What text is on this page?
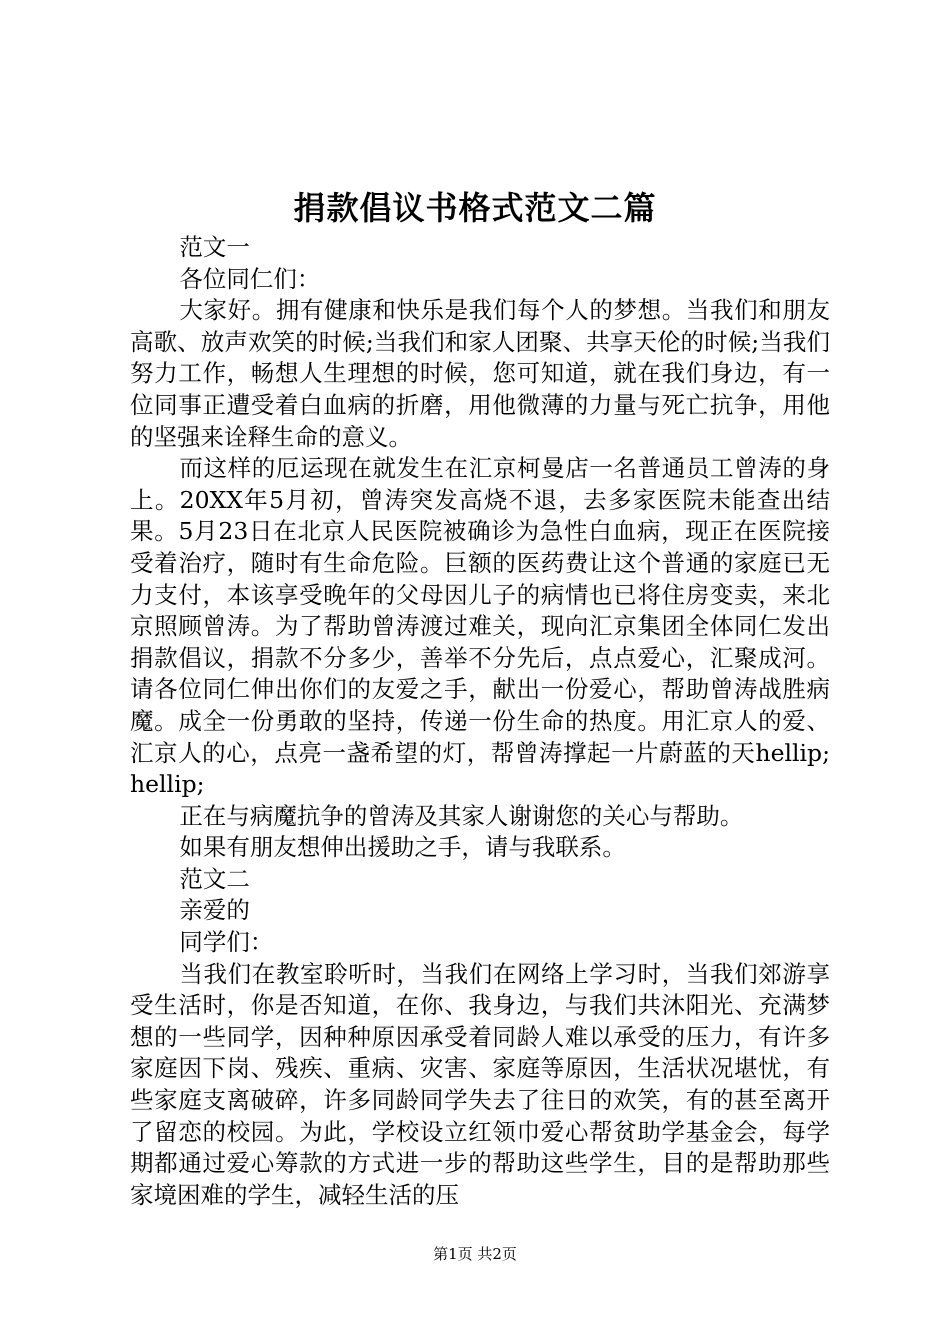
捐款倡议书格式范文二篇

范文一

各位同仁们：

大家好。拥有健康和快乐是我们每个人的梦想。当我们和朋友高歌、放声欢笑的时候;当我们和家人团聚、共享天伦的时候;当我们努力工作，畅想人生理想的时候，您可知道，就在我们身边，有一位同事正遭受着白血病的折磨，用他微薄的力量与死亡抗争，用他的坚强来诠释生命的意义。

而这样的厄运现在就发生在汇京柯曼店一名普通员工曾涛的身上。20XX年5月初，曾涛突发高烧不退，去多家医院未能查出结果。5月23日在北京人民医院被确诊为急性白血病，现正在医院接受着治疗，随时有生命危险。巨额的医药费让这个普通的家庭已无力支付，本该享受晚年的父母因儿子的病情也已将住房变卖，来北京照顾曾涛。为了帮助曾涛渡过难关，现向汇京集团全体同仁发出捐款倡议，捐款不分多少，善举不分先后，点点爱心，汇聚成河。请各位同仁伸出你们的友爱之手，献出一份爱心，帮助曾涛战胜病魔。成全一份勇敢的坚持，传递一份生命的热度。用汇京人的爱、汇京人的心，点亮一盏希望的灯，帮曾涛撑起一片蔚蓝的天hellip;hellip;

正在与病魔抗争的曾涛及其家人谢谢您的关心与帮助。

如果有朋友想伸出援助之手，请与我联系。

范文二

亲爱的

同学们：

当我们在教室聆听时，当我们在网络上学习时，当我们郊游享受生活时，你是否知道，在你、我身边，与我们共沐阳光、充满梦想的一些同学，因种种原因承受着同龄人难以承受的压力，有许多家庭因下岗、残疾、重病、灾害、家庭等原因，生活状况堪忧，有些家庭支离破碎，许多同龄同学失去了往日的欢笑，有的甚至离开了留恋的校园。为此，学校设立红领巾爱心帮贫助学基金会，每学期都通过爱心筹款的方式进一步的帮助这些学生，目的是帮助那些家境困难的学生，减轻生活的压

第1页 共2页
